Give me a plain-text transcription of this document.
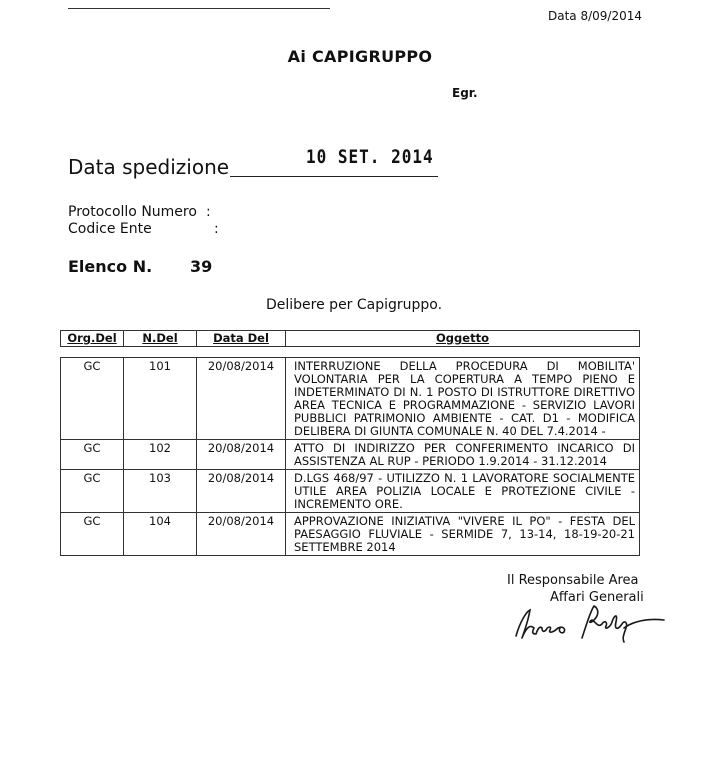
Data 8/09/2014
Ai CAPIGRUPPO
Egr.
Data spedizione	10 SET. 2014
Protocollo Numero :
Codice Ente	:
Elenco N. 39
Delibere per Capigruppo.
Org.Del	N.Del	Data Del	Oggetto
GC	101	20/08/2014	INTERRUZIONE DELLA PROCEDURA DI MOBILITA' VOLONTARIA PER LA COPERTURA A TEMPO PIENO E INDETERMINATO DI N. 1 POSTO DI ISTRUTTORE DIRETTIVO AREA TECNICA E PROGRAMMAZIONE - SERVIZIO LAVORI PUBBLICI PATRIMONIO AMBIENTE - CAT. D1 - MODIFICA DELIBERA DI GIUNTA COMUNALE N. 40 DEL 7.4.2014 -
GC	102	20/08/2014	ATTO DI INDIRIZZO PER CONFERIMENTO INCARICO DI ASSISTENZA AL RUP - PERIODO 1.9.2014 - 31.12.2014
GC	103	20/08/2014	D.LGS 468/97 - UTILIZZO N. 1 LAVORATORE SOCIALMENTE UTILE AREA POLIZIA LOCALE E PROTEZIONE CIVILE - INCREMENTO ORE.
GC	104	20/08/2014	APPROVAZIONE INIZIATIVA "VIVERE IL PO" - FESTA DEL PAESAGGIO FLUVIALE - SERMIDE 7, 13-14, 18-19-20-21 SETTEMBRE 2014
Il Responsabile Area
Affari Generali
